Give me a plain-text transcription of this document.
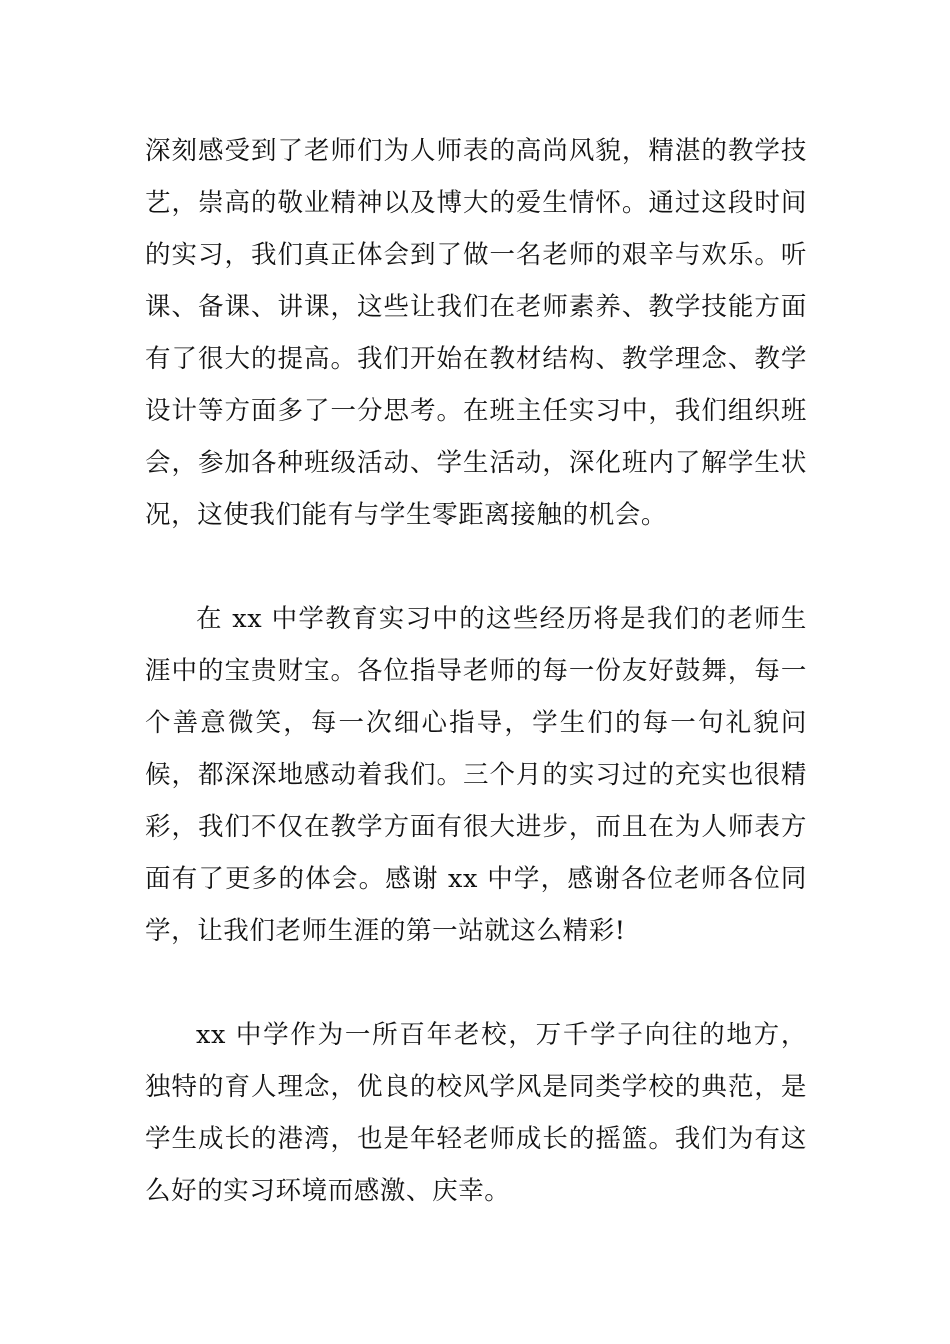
深刻感受到了老师们为人师表的高尚风貌，精湛的教学技艺，崇高的敬业精神以及博大的爱生情怀。通过这段时间的实习，我们真正体会到了做一名老师的艰辛与欢乐。听课、备课、讲课，这些让我们在老师素养、教学技能方面有了很大的提高。我们开始在教材结构、教学理念、教学设计等方面多了一分思考。在班主任实习中，我们组织班会，参加各种班级活动、学生活动，深化班内了解学生状况，这使我们能有与学生零距离接触的机会。

在 xx 中学教育实习中的这些经历将是我们的老师生涯中的宝贵财宝。各位指导老师的每一份友好鼓舞，每一个善意微笑，每一次细心指导，学生们的每一句礼貌问候，都深深地感动着我们。三个月的实习过的充实也很精彩，我们不仅在教学方面有很大进步，而且在为人师表方面有了更多的体会。感谢 xx 中学，感谢各位老师各位同学，让我们老师生涯的第一站就这么精彩!

xx 中学作为一所百年老校，万千学子向往的地方，独特的育人理念，优良的校风学风是同类学校的典范，是学生成长的港湾，也是年轻老师成长的摇篮。我们为有这么好的实习环境而感激、庆幸。
